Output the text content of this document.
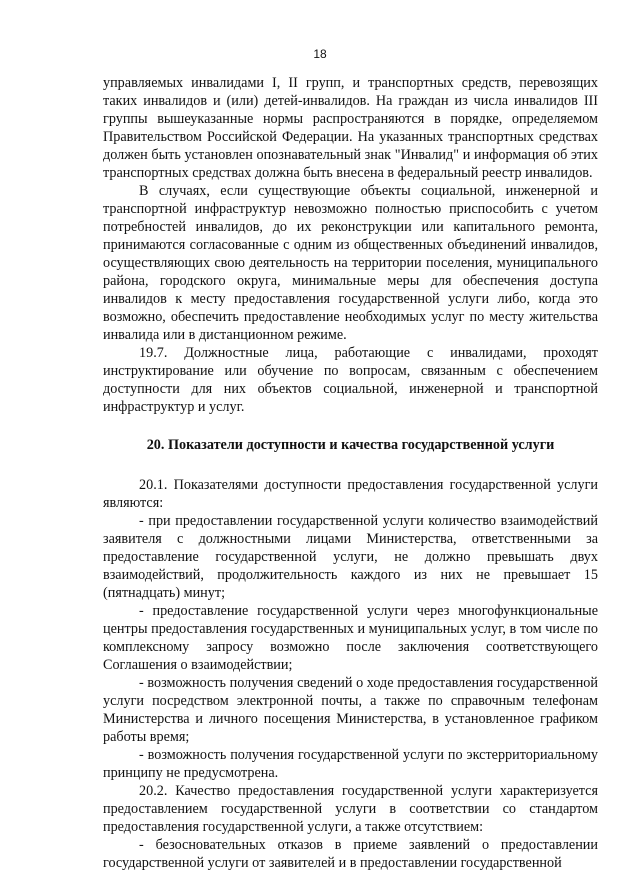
18

управляемых инвалидами I, II групп, и транспортных средств, перевозящих таких инвалидов и (или) детей-инвалидов. На граждан из числа инвалидов III группы вышеуказанные нормы распространяются в порядке, определяемом Правительством Российской Федерации. На указанных транспортных средствах должен быть установлен опознавательный знак "Инвалид" и информация об этих транспортных средствах должна быть внесена в федеральный реестр инвалидов.

В случаях, если существующие объекты социальной, инженерной и транспортной инфраструктур невозможно полностью приспособить с учетом потребностей инвалидов, до их реконструкции или капитального ремонта, принимаются согласованные с одним из общественных объединений инвалидов, осуществляющих свою деятельность на территории поселения, муниципального района, городского округа, минимальные меры для обеспечения доступа инвалидов к месту предоставления государственной услуги либо, когда это возможно, обеспечить предоставление необходимых услуг по месту жительства инвалида или в дистанционном режиме.

19.7. Должностные лица, работающие с инвалидами, проходят инструктирование или обучение по вопросам, связанным с обеспечением доступности для них объектов социальной, инженерной и транспортной инфраструктур и услуг.

20. Показатели доступности и качества государственной услуги

20.1. Показателями доступности предоставления государственной услуги являются:

- при предоставлении государственной услуги количество взаимодействий заявителя с должностными лицами Министерства, ответственными за предоставление государственной услуги, не должно превышать двух взаимодействий, продолжительность каждого из них не превышает 15 (пятнадцать) минут;

- предоставление государственной услуги через многофункциональные центры предоставления государственных и муниципальных услуг, в том числе по комплексному запросу возможно после заключения соответствующего Соглашения о взаимодействии;

- возможность получения сведений о ходе предоставления государственной услуги посредством электронной почты, а также по справочным телефонам Министерства и личного посещения Министерства, в установленное графиком работы время;

- возможность получения государственной услуги по экстерриториальному принципу не предусмотрена.

20.2. Качество предоставления государственной услуги характеризуется предоставлением государственной услуги в соответствии со стандартом предоставления государственной услуги, а также отсутствием:

- безосновательных отказов в приеме заявлений о предоставлении государственной услуги от заявителей и в предоставлении государственной
